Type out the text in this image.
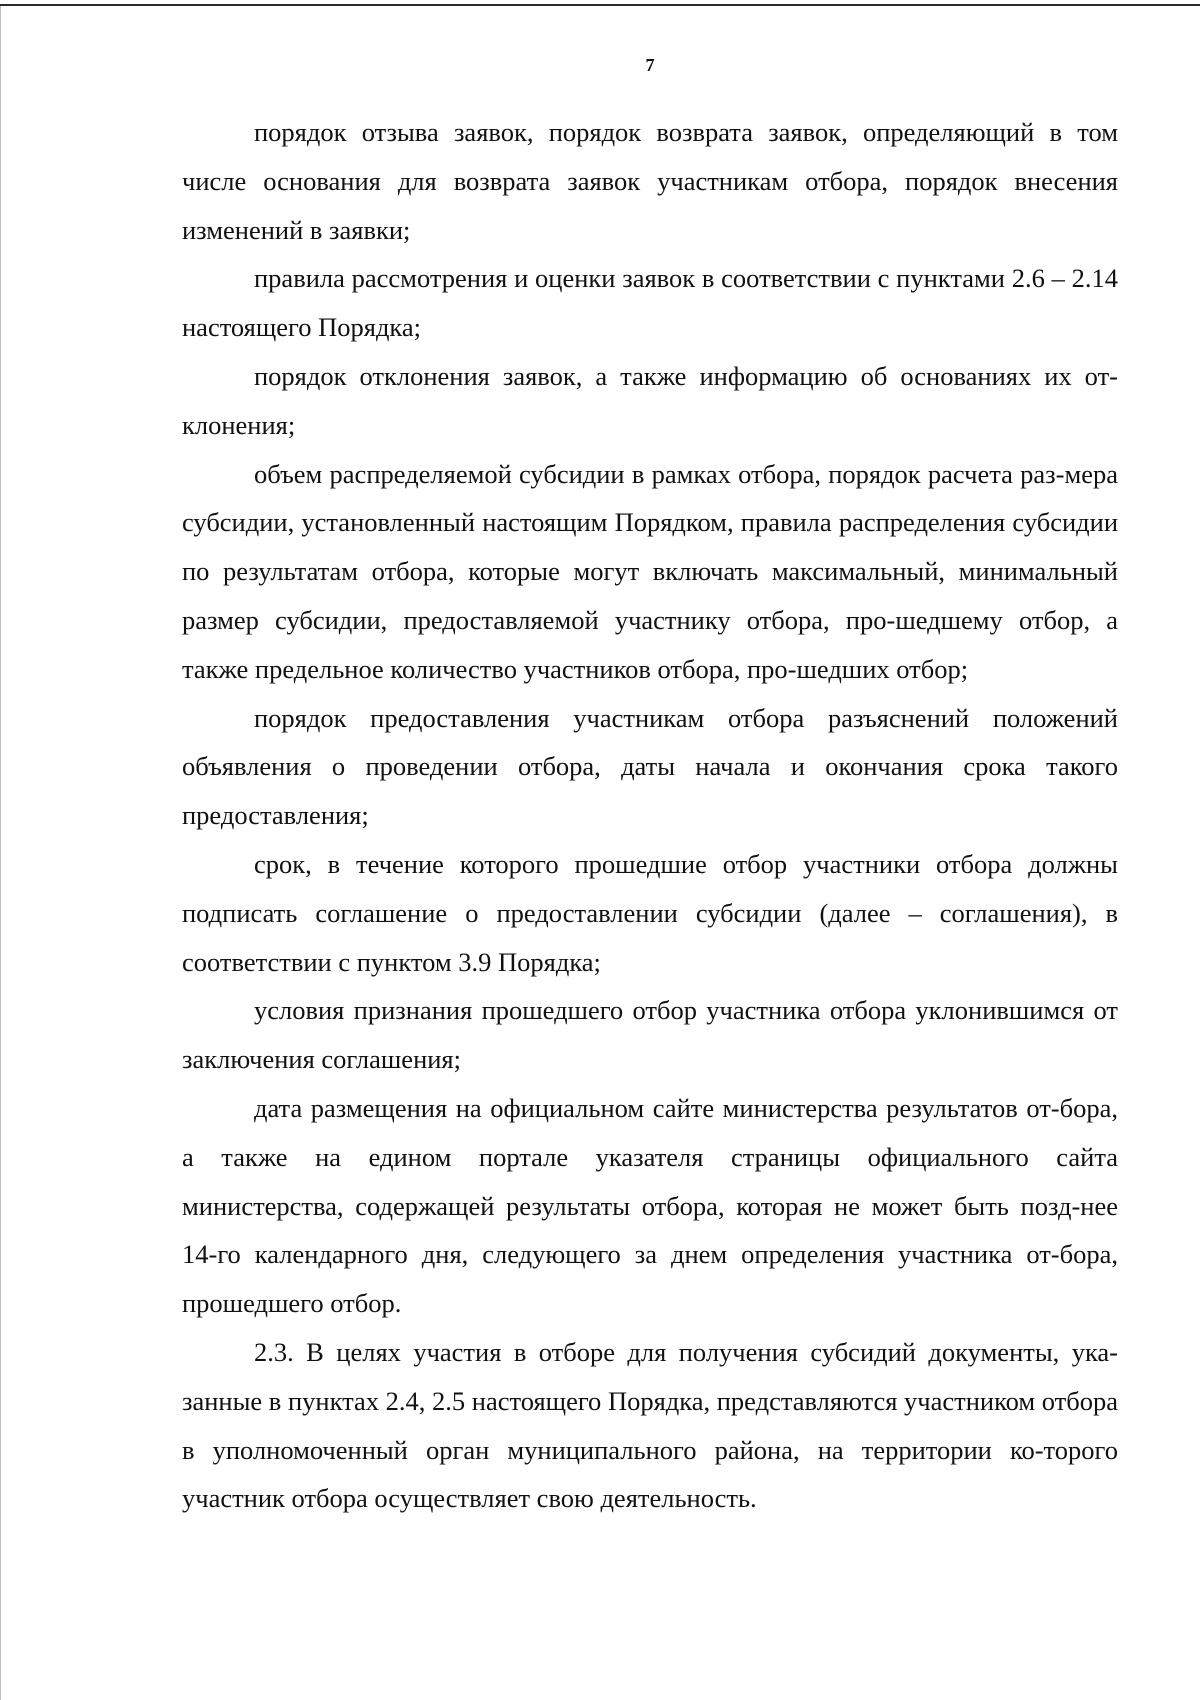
7

порядок отзыва заявок, порядок возврата заявок, определяющий в том числе основания для возврата заявок участникам отбора, порядок внесения изменений в заявки;

правила рассмотрения и оценки заявок в соответствии с пунктами 2.6 – 2.14 настоящего Порядка;

порядок отклонения заявок, а также информацию об основаниях их от-клонения;

объем распределяемой субсидии в рамках отбора, порядок расчета раз-мера субсидии, установленный настоящим Порядком, правила распределения субсидии по результатам отбора, которые могут включать максимальный, минимальный размер субсидии, предоставляемой участнику отбора, про-шедшему отбор, а также предельное количество участников отбора, про-шедших отбор;

порядок предоставления участникам отбора разъяснений положений объявления о проведении отбора, даты начала и окончания срока такого предоставления;

срок, в течение которого прошедшие отбор участники отбора должны подписать соглашение о предоставлении субсидии (далее – соглашения), в соответствии с пунктом 3.9 Порядка;

условия признания прошедшего отбор участника отбора уклонившимся от заключения соглашения;

дата размещения на официальном сайте министерства результатов от-бора, а также на едином портале указателя страницы официального сайта министерства, содержащей результаты отбора, которая не может быть позд-нее 14-го календарного дня, следующего за днем определения участника от-бора, прошедшего отбор.

2.3. В целях участия в отборе для получения субсидий документы, ука-занные в пунктах 2.4, 2.5 настоящего Порядка, представляются участником отбора в уполномоченный орган муниципального района, на территории ко-торого участник отбора осуществляет свою деятельность.
